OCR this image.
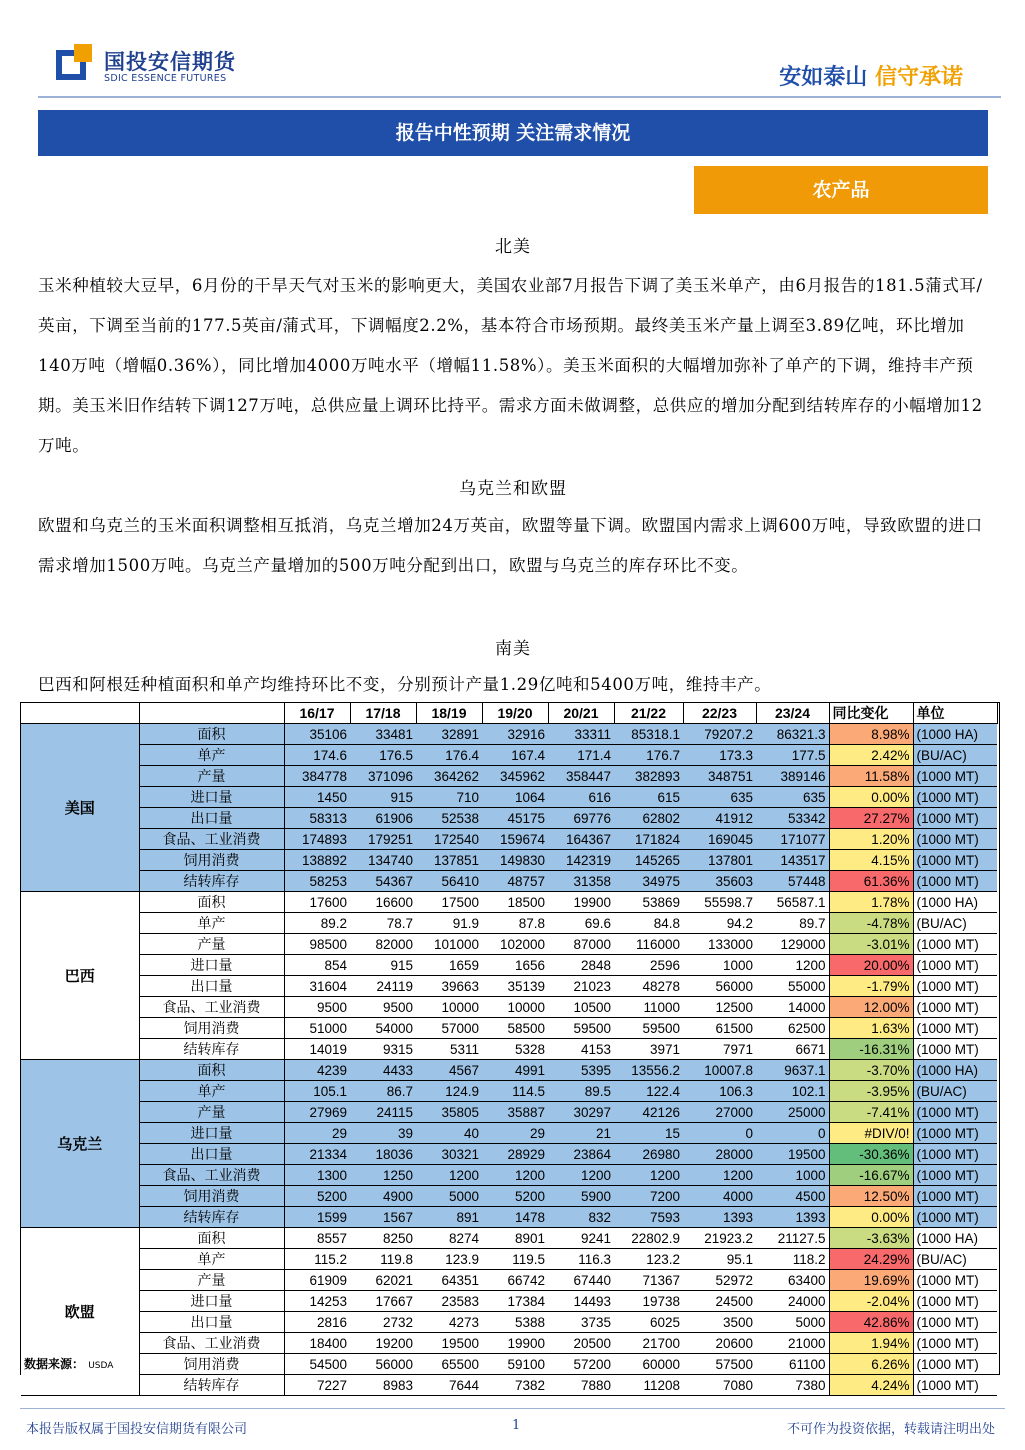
国投安信期货
SDIC ESSENCE FUTURES	安如泰山 信守承诺
报告中性预期 关注需求情况
农产品
北美
玉米种植较大豆早，6月份的干旱天气对玉米的影响更大，美国农业部7月报告下调了美玉米单产，由6月报告的181.5蒲式耳/英亩，下调至当前的177.5英亩/蒲式耳，下调幅度2.2%，基本符合市场预期。最终美玉米产量上调至3.89亿吨，环比增加140万吨（增幅0.36%），同比增加4000万吨水平（增幅11.58%）。美玉米面积的大幅增加弥补了单产的下调，维持丰产预期。美玉米旧作结转下调127万吨，总供应量上调环比持平。需求方面未做调整，总供应的增加分配到结转库存的小幅增加12万吨。
乌克兰和欧盟
欧盟和乌克兰的玉米面积调整相互抵消，乌克兰增加24万英亩，欧盟等量下调。欧盟国内需求上调600万吨，导致欧盟的进口需求增加1500万吨。乌克兰产量增加的500万吨分配到出口，欧盟与乌克兰的库存环比不变。
南美
巴西和阿根廷种植面积和单产均维持环比不变，分别预计产量1.29亿吨和5400万吨，维持丰产。
		16/17	17/18	18/19	19/20	20/21	21/22	22/23	23/24	同比变化	单位
美国	面积	35106	33481	32891	32916	33311	85318.1	79207.2	86321.3	8.98%	(1000 HA)
	单产	174.6	176.5	176.4	167.4	171.4	176.7	173.3	177.5	2.42%	(BU/AC)
	产量	384778	371096	364262	345962	358447	382893	348751	389146	11.58%	(1000 MT)
	进口量	1450	915	710	1064	616	615	635	635	0.00%	(1000 MT)
	出口量	58313	61906	52538	45175	69776	62802	41912	53342	27.27%	(1000 MT)
	食品、工业消费	174893	179251	172540	159674	164367	171824	169045	171077	1.20%	(1000 MT)
	饲用消费	138892	134740	137851	149830	142319	145265	137801	143517	4.15%	(1000 MT)
	结转库存	58253	54367	56410	48757	31358	34975	35603	57448	61.36%	(1000 MT)
巴西	面积	17600	16600	17500	18500	19900	53869	55598.7	56587.1	1.78%	(1000 HA)
	单产	89.2	78.7	91.9	87.8	69.6	84.8	94.2	89.7	-4.78%	(BU/AC)
	产量	98500	82000	101000	102000	87000	116000	133000	129000	-3.01%	(1000 MT)
	进口量	854	915	1659	1656	2848	2596	1000	1200	20.00%	(1000 MT)
	出口量	31604	24119	39663	35139	21023	48278	56000	55000	-1.79%	(1000 MT)
	食品、工业消费	9500	9500	10000	10000	10500	11000	12500	14000	12.00%	(1000 MT)
	饲用消费	51000	54000	57000	58500	59500	59500	61500	62500	1.63%	(1000 MT)
	结转库存	14019	9315	5311	5328	4153	3971	7971	6671	-16.31%	(1000 MT)
乌克兰	面积	4239	4433	4567	4991	5395	13556.2	10007.8	9637.1	-3.70%	(1000 HA)
	单产	105.1	86.7	124.9	114.5	89.5	122.4	106.3	102.1	-3.95%	(BU/AC)
	产量	27969	24115	35805	35887	30297	42126	27000	25000	-7.41%	(1000 MT)
	进口量	29	39	40	29	21	15	0	0	#DIV/0!	(1000 MT)
	出口量	21334	18036	30321	28929	23864	26980	28000	19500	-30.36%	(1000 MT)
	食品、工业消费	1300	1250	1200	1200	1200	1200	1200	1000	-16.67%	(1000 MT)
	饲用消费	5200	4900	5000	5200	5900	7200	4000	4500	12.50%	(1000 MT)
	结转库存	1599	1567	891	1478	832	7593	1393	1393	0.00%	(1000 MT)
欧盟	面积	8557	8250	8274	8901	9241	22802.9	21923.2	21127.5	-3.63%	(1000 HA)
	单产	115.2	119.8	123.9	119.5	116.3	123.2	95.1	118.2	24.29%	(BU/AC)
	产量	61909	62021	64351	66742	67440	71367	52972	63400	19.69%	(1000 MT)
	进口量	14253	17667	23583	17384	14493	19738	24500	24000	-2.04%	(1000 MT)
	出口量	2816	2732	4273	5388	3735	6025	3500	5000	42.86%	(1000 MT)
	食品、工业消费	18400	19200	19500	19900	20500	21700	20600	21000	1.94%	(1000 MT)
	饲用消费	54500	56000	65500	59100	57200	60000	57500	61100	6.26%	(1000 MT)
	结转库存	7227	8983	7644	7382	7880	11208	7080	7380	4.24%	(1000 MT)
数据来源： USDA
本报告版权属于国投安信期货有限公司	1	不可作为投资依据，转载请注明出处
